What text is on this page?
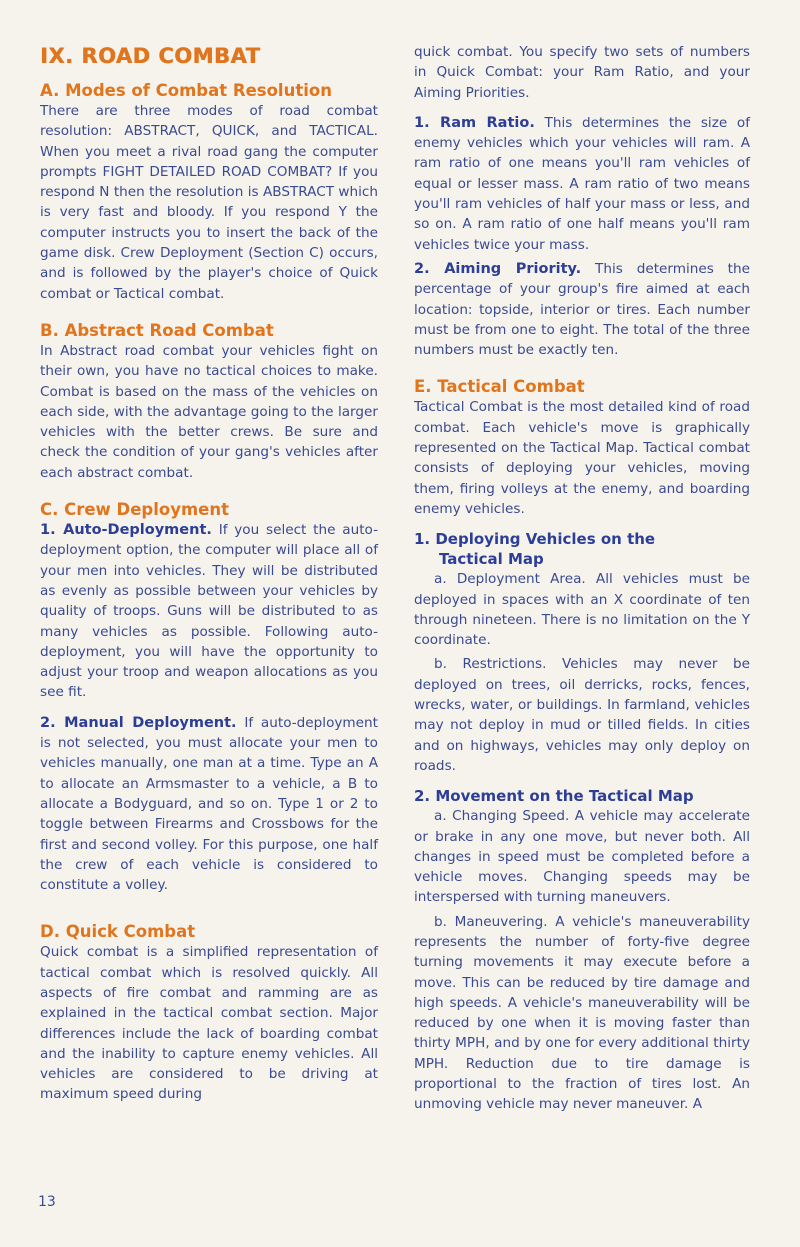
IX. ROAD COMBAT
A. Modes of Combat Resolution

There are three modes of road combat resolution: ABSTRACT, QUICK, and TACTICAL. When you meet a rival road gang the computer prompts FIGHT DETAILED ROAD COMBAT? If you respond N then the resolution is ABSTRACT which is very fast and bloody. If you respond Y the computer instructs you to insert the back of the game disk. Crew Deployment (Section C) occurs, and is followed by the player's choice of Quick combat or Tactical combat.

B. Abstract Road Combat

In Abstract road combat your vehicles fight on their own, you have no tactical choices to make. Combat is based on the mass of the vehicles on each side, with the advantage going to the larger vehicles with the better crews. Be sure and check the condition of your gang's vehicles after each abstract combat.

C. Crew Deployment

1. Auto-Deployment. If you select the auto-deployment option, the computer will place all of your men into vehicles. They will be distributed as evenly as possible between your vehicles by quality of troops. Guns will be distributed to as many vehicles as possible. Following auto-deployment, you will have the opportunity to adjust your troop and weapon allocations as you see fit.

2. Manual Deployment. If auto-deployment is not selected, you must allocate your men to vehicles manually, one man at a time. Type an A to allocate an Armsmaster to a vehicle, a B to allocate a Bodyguard, and so on. Type 1 or 2 to toggle between Firearms and Crossbows for the first and second volley. For this purpose, one half the crew of each vehicle is considered to constitute a volley.

D. Quick Combat

Quick combat is a simplified representation of tactical combat which is resolved quickly. All aspects of fire combat and ramming are as explained in the tactical combat section. Major differences include the lack of boarding combat and the inability to capture enemy vehicles. All vehicles are considered to be driving at maximum speed during

quick combat. You specify two sets of numbers in Quick Combat: your Ram Ratio, and your Aiming Priorities.

1. Ram Ratio. This determines the size of enemy vehicles which your vehicles will ram. A ram ratio of one means you'll ram vehicles of equal or lesser mass. A ram ratio of two means you'll ram vehicles of half your mass or less, and so on. A ram ratio of one half means you'll ram vehicles twice your mass.

2. Aiming Priority. This determines the percentage of your group's fire aimed at each location: topside, interior or tires. Each number must be from one to eight. The total of the three numbers must be exactly ten.

E. Tactical Combat

Tactical Combat is the most detailed kind of road combat. Each vehicle's move is graphically represented on the Tactical Map. Tactical combat consists of deploying your vehicles, moving them, firing volleys at the enemy, and boarding enemy vehicles.

1. Deploying Vehicles on the
Tactical Map

a. Deployment Area. All vehicles must be deployed in spaces with an X coordinate of ten through nineteen. There is no limitation on the Y coordinate.

b. Restrictions. Vehicles may never be deployed on trees, oil derricks, rocks, fences, wrecks, water, or buildings. In farmland, vehicles may not deploy in mud or tilled fields. In cities and on highways, vehicles may only deploy on roads.

2. Movement on the Tactical Map

a. Changing Speed. A vehicle may accelerate or brake in any one move, but never both. All changes in speed must be completed before a vehicle moves. Changing speeds may be interspersed with turning maneuvers.

b. Maneuvering. A vehicle's maneuverability represents the number of forty-five degree turning movements it may execute before a move. This can be reduced by tire damage and high speeds. A vehicle's maneuverability will be reduced by one when it is moving faster than thirty MPH, and by one for every additional thirty MPH. Reduction due to tire damage is proportional to the fraction of tires lost. An unmoving vehicle may never maneuver. A

13
